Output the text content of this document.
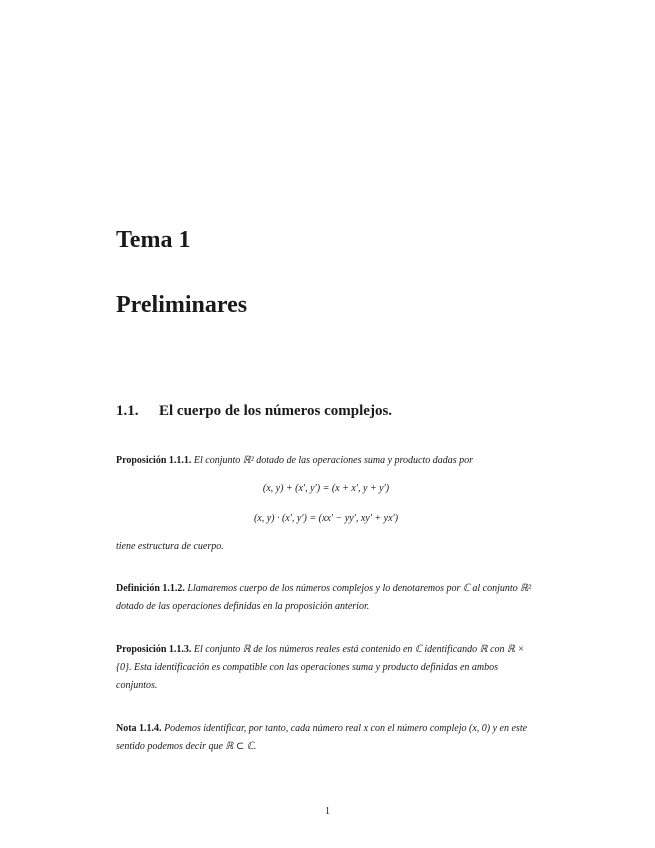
Tema 1
Preliminares
1.1. El cuerpo de los números complejos.
Proposición 1.1.1. El conjunto ℝ² dotado de las operaciones suma y producto dadas por
(x, y) + (x′, y′) = (x + x′, y + y′)
(x, y) · (x′, y′) = (xx′ − yy′, xy′ + yx′)
tiene estructura de cuerpo.
Definición 1.1.2. Llamaremos cuerpo de los números complejos y lo denotaremos por ℂ al conjunto ℝ² dotado de las operaciones definidas en la proposición anterior.
Proposición 1.1.3. El conjunto ℝ de los números reales está contenido en ℂ identificando ℝ con ℝ × {0}. Esta identificación es compatible con las operaciones suma y producto definidas en ambos conjuntos.
Nota 1.1.4. Podemos identificar, por tanto, cada número real x con el número complejo (x, 0) y en este sentido podemos decir que ℝ ⊂ ℂ.
1
